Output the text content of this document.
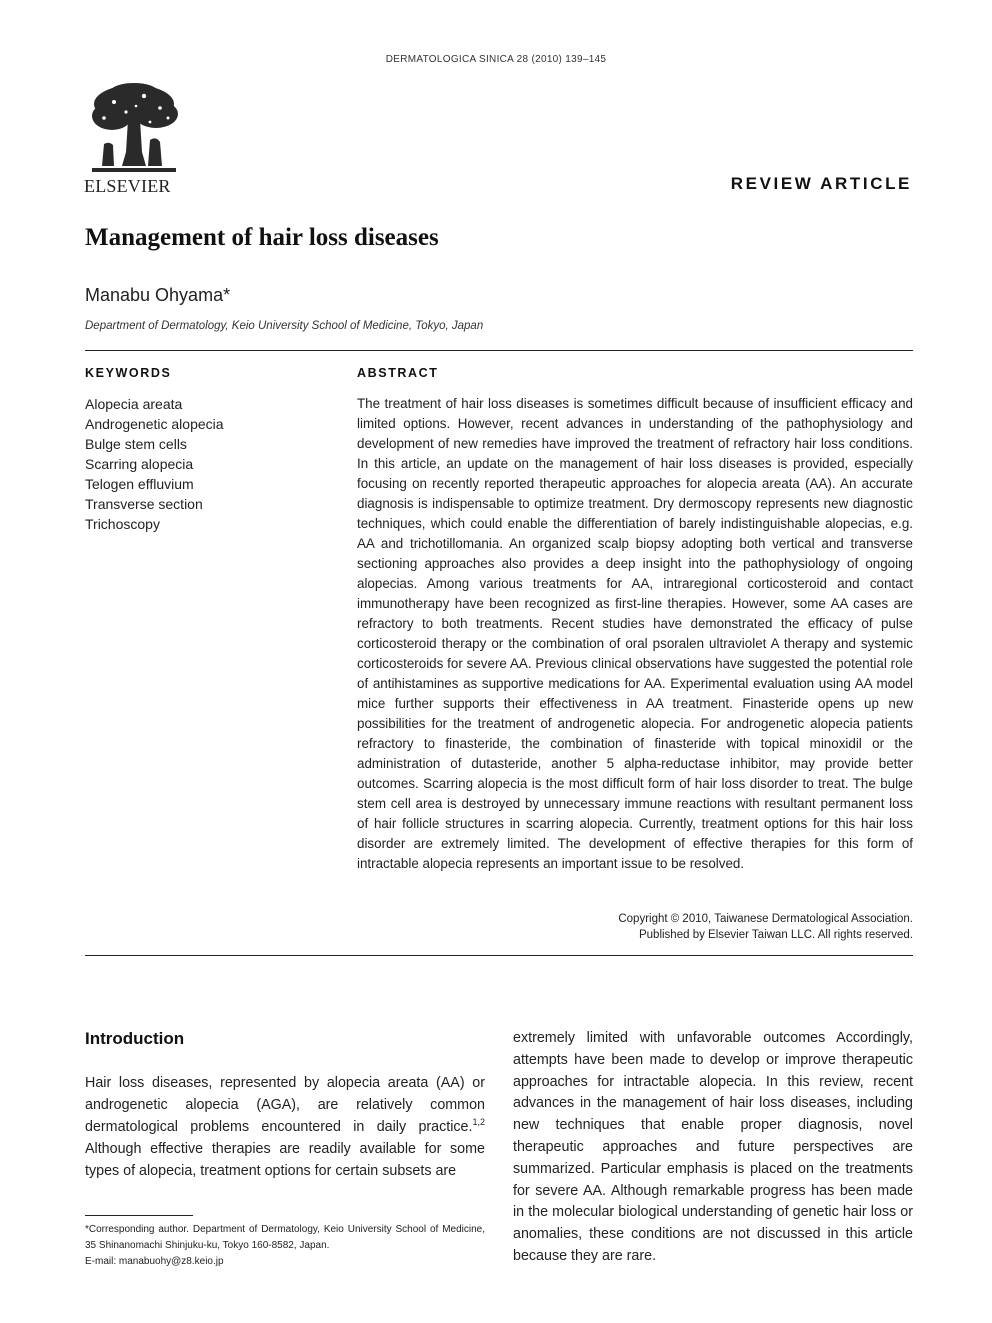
DERMATOLOGICA SINICA 28 (2010) 139–145
ELSEVIER	REVIEW ARTICLE
Management of hair loss diseases
Manabu Ohyama*
Department of Dermatology, Keio University School of Medicine, Tokyo, Japan
KEYWORDS
Alopecia areata
Androgenetic alopecia
Bulge stem cells
Scarring alopecia
Telogen effluvium
Transverse section
Trichoscopy
ABSTRACT

The treatment of hair loss diseases is sometimes difficult because of insufficient efficacy and limited options. However, recent advances in understanding of the pathophysiology and development of new remedies have improved the treatment of refractory hair loss conditions. In this article, an update on the management of hair loss diseases is provided, especially focusing on recently reported therapeutic approaches for alopecia areata (AA). An accurate diagnosis is indispensable to optimize treatment. Dry dermoscopy represents new diagnostic techniques, which could enable the differentiation of barely indistinguishable alopecias, e.g. AA and trichotillomania. An organized scalp biopsy adopting both vertical and transverse sectioning approaches also provides a deep insight into the pathophysiology of ongoing alopecias. Among various treatments for AA, intraregional corticosteroid and contact immunotherapy have been recognized as first-line therapies. However, some AA cases are refractory to both treatments. Recent studies have demonstrated the efficacy of pulse corticosteroid therapy or the combination of oral psoralen ultraviolet A therapy and systemic corticosteroids for severe AA. Previous clinical observations have suggested the potential role of antihistamines as supportive medications for AA. Experimental evaluation using AA model mice further supports their effectiveness in AA treatment. Finasteride opens up new possibilities for the treatment of androgenetic alopecia. For androgenetic alopecia patients refractory to finasteride, the combination of finasteride with topical minoxidil or the administration of dutasteride, another 5 alpha-reductase inhibitor, may provide better outcomes. Scarring alopecia is the most difficult form of hair loss disorder to treat. The bulge stem cell area is destroyed by unnecessary immune reactions with resultant permanent loss of hair follicle structures in scarring alopecia. Currently, treatment options for this hair loss disorder are extremely limited. The development of effective therapies for this form of intractable alopecia represents an important issue to be resolved.

Copyright © 2010, Taiwanese Dermatological Association.
Published by Elsevier Taiwan LLC. All rights reserved.
Introduction

Hair loss diseases, represented by alopecia areata (AA) or androgenetic alopecia (AGA), are relatively common dermatological problems encountered in daily practice.$^{1,2}$ Although effective therapies are readily available for some types of alopecia, treatment options for certain subsets are

extremely limited with unfavorable outcomes Accordingly, attempts have been made to develop or improve therapeutic approaches for intractable alopecia. In this review, recent advances in the management of hair loss diseases, including new techniques that enable proper diagnosis, novel therapeutic approaches and future perspectives are summarized. Particular emphasis is placed on the treatments for severe AA. Although remarkable progress has been made in the molecular biological understanding of genetic hair loss or anomalies, these conditions are not discussed in this article because they are rare.

*Corresponding author. Department of Dermatology, Keio University School of Medicine, 35 Shinanomachi Shinjuku-ku, Tokyo 160-8582, Japan.
E-mail: manabuohy@z8.keio.jp
